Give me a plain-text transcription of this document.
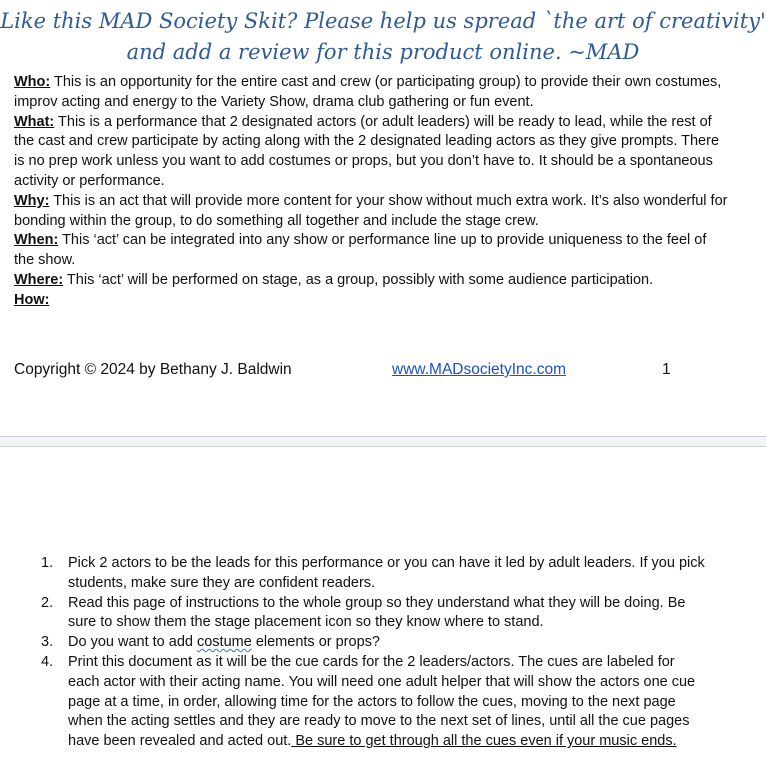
Like this MAD Society Skit? Please help us spread `the art of creativity'
and add a review for this product online. ~MAD

Who: This is an opportunity for the entire cast and crew (or participating group) to provide their own costumes, improv acting and energy to the Variety Show, drama club gathering or fun event.

What: This is a performance that 2 designated actors (or adult leaders) will be ready to lead, while the rest of the cast and crew participate by acting along with the 2 designated leading actors as they give prompts. There is no prep work unless you want to add costumes or props, but you don’t have to. It should be a spontaneous activity or performance.

Why: This is an act that will provide more content for your show without much extra work. It’s also wonderful for bonding within the group, to do something all together and include the stage crew.

When: This ‘act’ can be integrated into any show or performance line up to provide uniqueness to the feel of the show.

Where: This ‘act’ will be performed on stage, as a group, possibly with some audience participation.

How:

Copyright © 2024 by Bethany J. Baldwin	www.MADsocietyInc.com	1
1. Pick 2 actors to be the leads for this performance or you can have it led by adult leaders. If you pick students, make sure they are confident readers.
2. Read this page of instructions to the whole group so they understand what they will be doing. Be sure to show them the stage placement icon so they know where to stand.
3. Do you want to add costume elements or props?
4. Print this document as it will be the cue cards for the 2 leaders/actors. The cues are labeled for each actor with their acting name. You will need one adult helper that will show the actors one cue page at a time, in order, allowing time for the actors to follow the cues, moving to the next page when the acting settles and they are ready to move to the next set of lines, until all the cue pages have been revealed and acted out. Be sure to get through all the cues even if your music ends.
